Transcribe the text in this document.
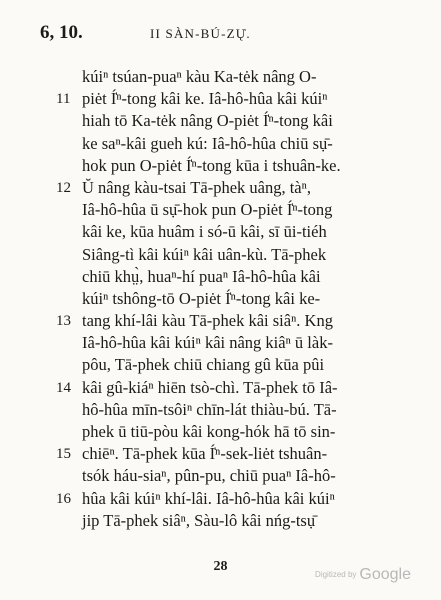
6, 10.	II SÀN-BÚ-ZŲ̍.
kúiⁿ tsúan-puaⁿ kàu Ka-tėk nâng O-
11 piėt Í̍ⁿ-tong kâi ke. Iâ-hô-hûa kâi kúiⁿ
hiah tō Ka-tėk nâng O-piėt Í̍ⁿ-tong kâi
ke saⁿ-kâi gueh kú: Iâ-hô-hûa chiū sụ̄-
hok pun O-piėt Í̍ⁿ-tong kūa i tshuân-ke.
12 Ŭ nâng kàu-tsai Tā-phek uâng, tàⁿ,
Iâ-hô-hûa ū sụ̄-hok pun O-piėt Í̍ⁿ-tong
kâi ke, kūa huâm i só-ū kâi, sī ūi-tiéh
Siâng-tì kâi kúiⁿ kâi uân-kù. Tā-phek
chiū khṳ̀, huaⁿ-hí puaⁿ Iâ-hô-hûa kâi
kúiⁿ tshông-tō O-piėt Í̍ⁿ-tong kâi ke-
13 tang khí-lâi kàu Tā-phek kâi siâⁿ. Kng
Iâ-hô-hûa kâi kúiⁿ kâi nâng kiâⁿ ū làk-
pôu, Tā-phek chiū chiang gû kūa pûi
14 kâi gû-kiáⁿ hiēn tsò-chì. Tā-phek tō Iâ-
hô-hûa mīn-tsôiⁿ chīn-lát thiàu-bú. Tā-
phek ū tiū-pòu kâi kong-hók hā tō sin-
15 chiēⁿ. Tā-phek kūa Í̍ⁿ-sek-liėt tshuân-
tsók háu-siaⁿ, pûn-pu, chiū puaⁿ Iâ-hô-
16 hûa kâi kúiⁿ khí-lâi. Iâ-hô-hûa kâi kúiⁿ
jip Tā-phek siâⁿ, Sàu-lô kâi nńg-tsụ̄
28
Digitized by Google
